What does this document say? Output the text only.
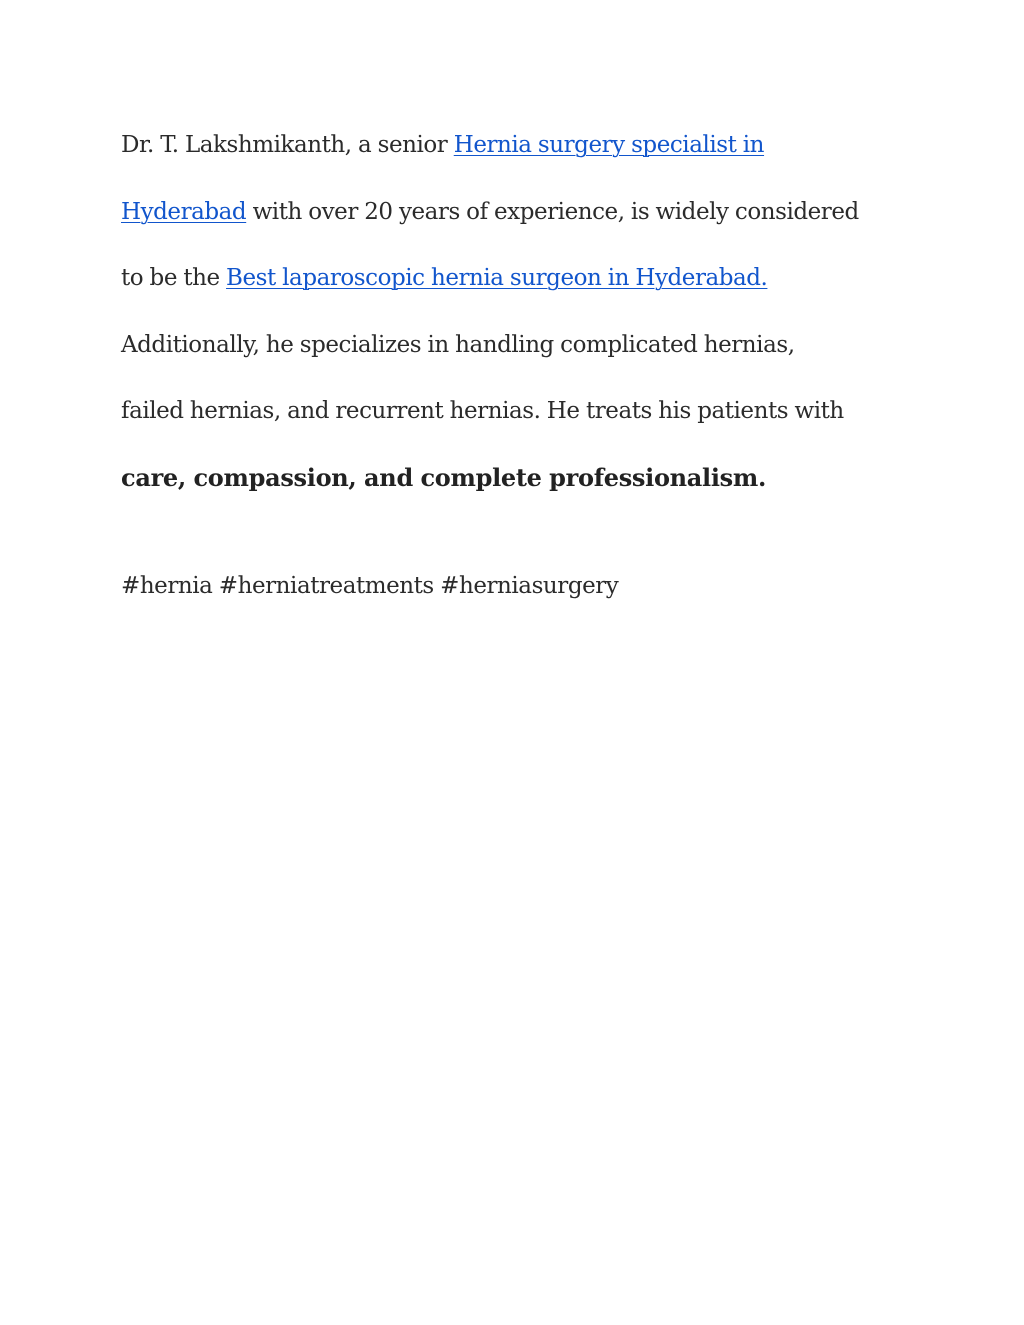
Dr. T. Lakshmikanth, a senior Hernia surgery specialist in
Hyderabad with over 20 years of experience, is widely considered
to be the Best laparoscopic hernia surgeon in Hyderabad.
Additionally, he specializes in handling complicated hernias,
failed hernias, and recurrent hernias. He treats his patients with
care, compassion, and complete professionalism.

#hernia #herniatreatments #herniasurgery
